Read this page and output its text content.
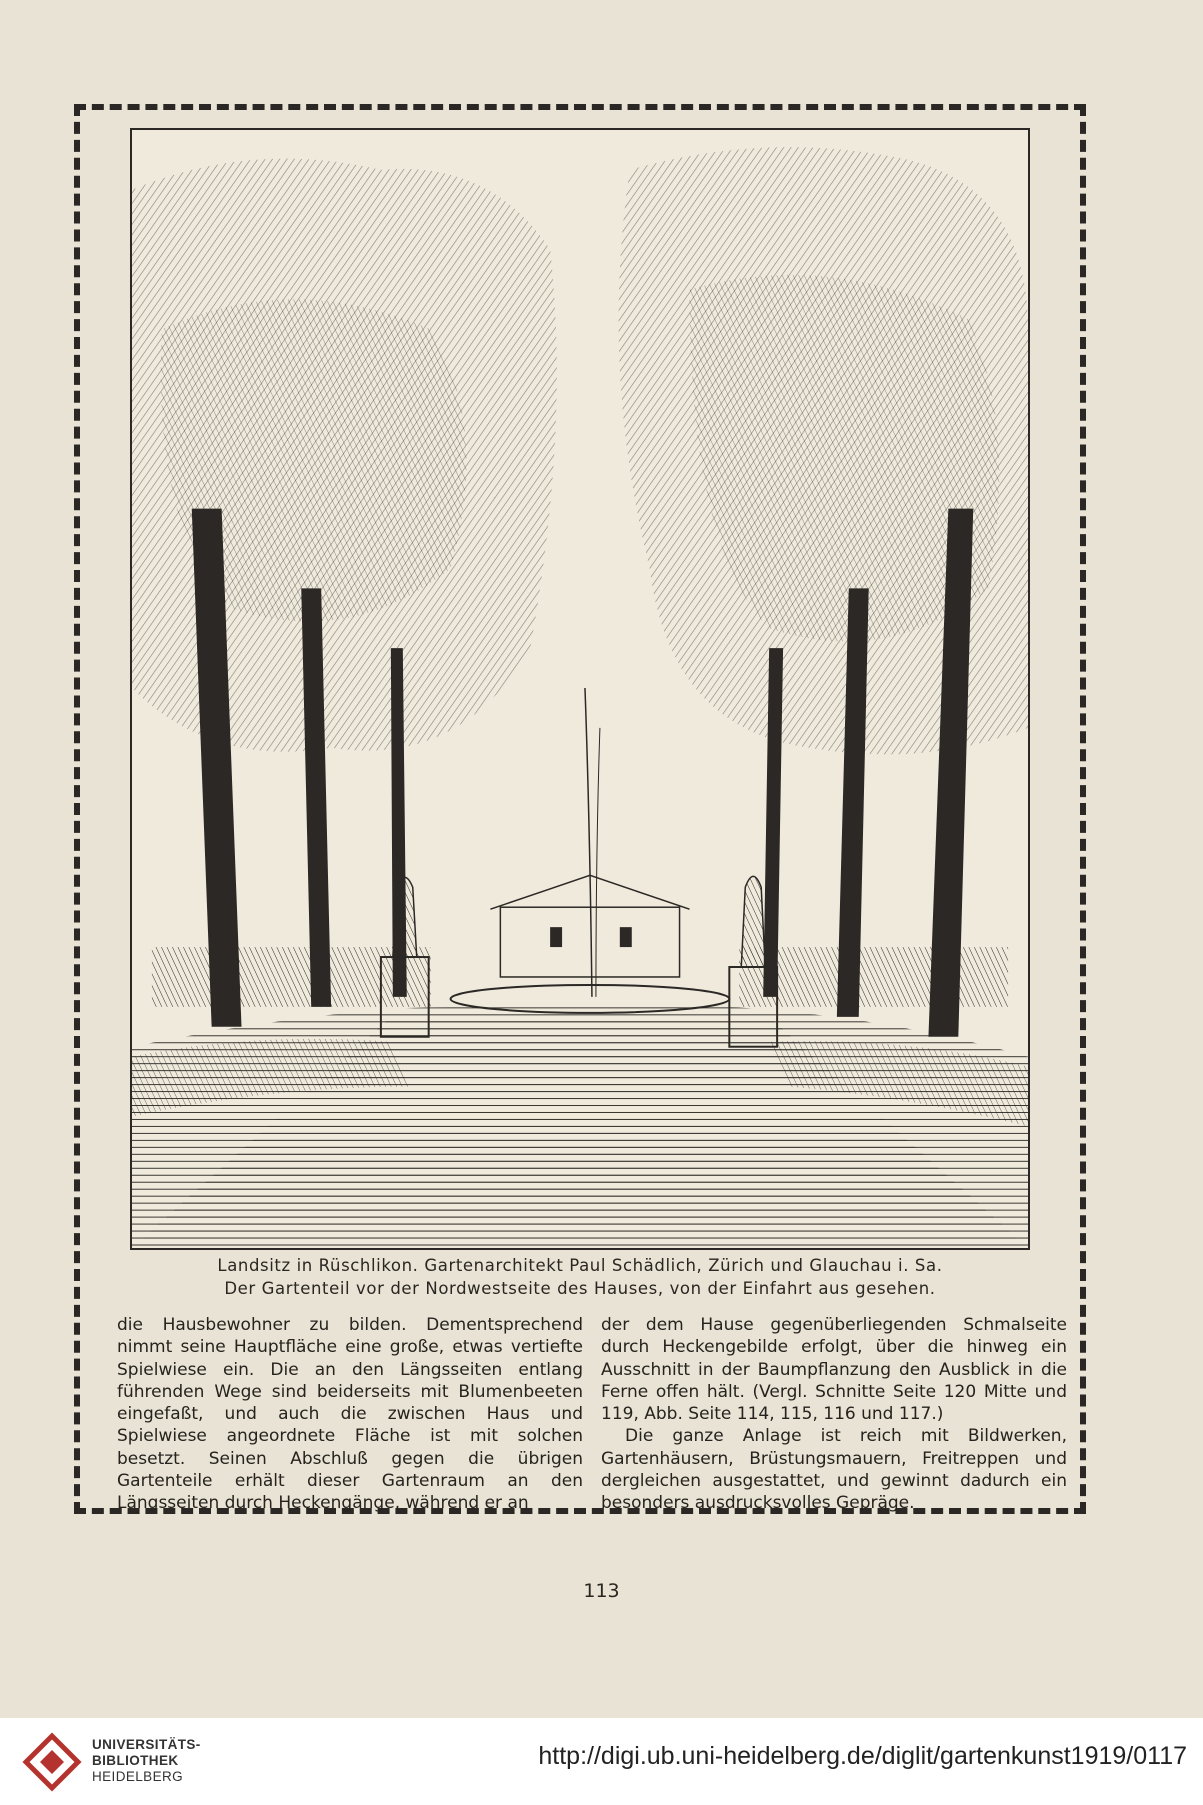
Landsitz in Rüschlikon. Gartenarchitekt Paul Schädlich, Zürich und Glauchau i. Sa.
Der Gartenteil vor der Nordwestseite des Hauses, von der Einfahrt aus gesehen.

die Hausbewohner zu bilden. Dementsprechend nimmt seine Hauptfläche eine große, etwas vertiefte Spielwiese ein. Die an den Längsseiten entlang führenden Wege sind beiderseits mit Blumenbeeten eingefaßt, und auch die zwischen Haus und Spielwiese angeordnete Fläche ist mit solchen besetzt. Seinen Abschluß gegen die übrigen Gartenteile erhält dieser Gartenraum an den Längsseiten durch Heckengänge, während er an

der dem Hause gegenüberliegenden Schmalseite durch Heckengebilde erfolgt, über die hinweg ein Ausschnitt in der Baumpflanzung den Ausblick in die Ferne offen hält. (Vergl. Schnitte Seite 120 Mitte und 119, Abb. Seite 114, 115, 116 und 117.)

Die ganze Anlage ist reich mit Bildwerken, Gartenhäusern, Brüstungsmauern, Freitreppen und dergleichen ausgestattet, und gewinnt dadurch ein besonders ausdrucksvolles Gepräge.

113
UNIVERSITÄTS-
BIBLIOTHEK
HEIDELBERG
http://digi.ub.uni-heidelberg.de/diglit/gartenkunst1919/0117
